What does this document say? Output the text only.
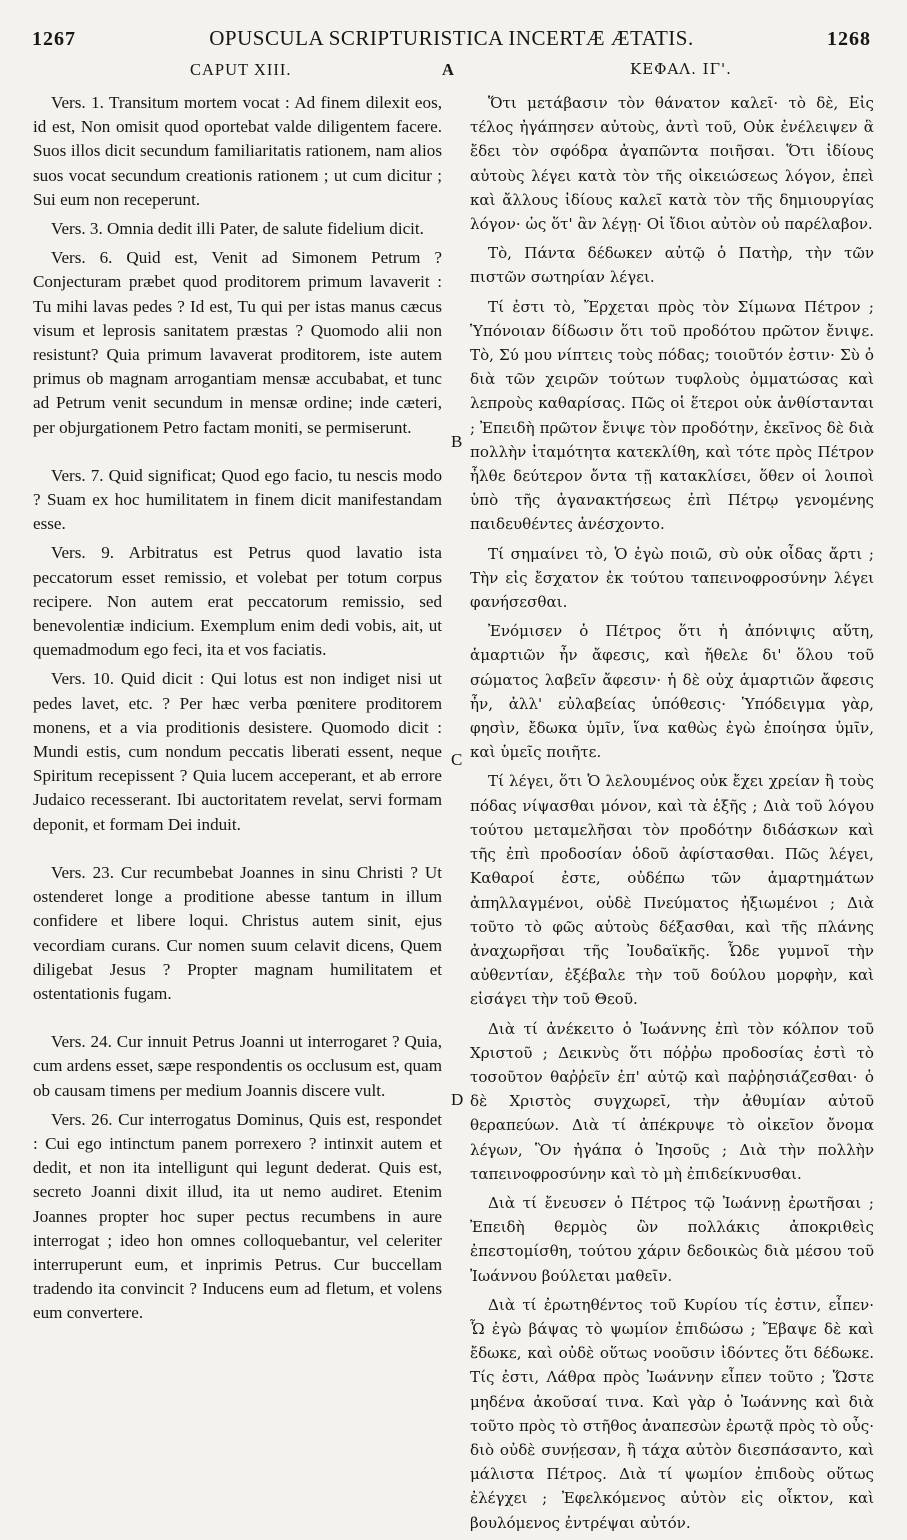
1267	OPUSCULA SCRIPTURISTICA INCERTÆ ÆTATIS.	1268
CAPUT XIII.	A	ΚΕΦΑΛ. ΙΓ'.
B
C
D

Vers. 1. Transitum mortem vocat : Ad finem dilexit eos, id est, Non omisit quod oportebat valde diligentem facere. Suos illos dicit secundum familiaritatis rationem, nam alios suos vocat secundum creationis rationem ; ut cum dicitur ; Sui eum non receperunt.

Vers. 3. Omnia dedit illi Pater, de salute fidelium dicit.

Vers. 6. Quid est, Venit ad Simonem Petrum ? Conjecturam præbet quod proditorem primum lavaverit : Tu mihi lavas pedes ? Id est, Tu qui per istas manus cæcus visum et leprosis sanitatem præstas ? Quomodo alii non resistunt? Quia primum lavaverat proditorem, iste autem primus ob magnam arrogantiam mensæ accubabat, et tunc ad Petrum venit secundum in mensæ ordine; inde cæteri, per objurgationem Petro factam moniti, se permiserunt.

Vers. 7. Quid significat; Quod ego facio, tu nescis modo ? Suam ex hoc humilitatem in finem dicit manifestandam esse.

Vers. 9. Arbitratus est Petrus quod lavatio ista peccatorum esset remissio, et volebat per totum corpus recipere. Non autem erat peccatorum remissio, sed benevolentiæ indicium. Exemplum enim dedi vobis, ait, ut quemadmodum ego feci, ita et vos faciatis.

Vers. 10. Quid dicit : Qui lotus est non indiget nisi ut pedes lavet, etc. ? Per hæc verba pœnitere proditorem monens, et a via proditionis desistere. Quomodo dicit : Mundi estis, cum nondum peccatis liberati essent, neque Spiritum recepissent ? Quia lucem acceperant, et ab errore Judaico recesserant. Ibi auctoritatem revelat, servi formam deponit, et formam Dei induit.

Vers. 23. Cur recumbebat Joannes in sinu Christi ? Ut ostenderet longe a proditione abesse tantum in illum confidere et libere loqui. Christus autem sinit, ejus vecordiam curans. Cur nomen suum celavit dicens, Quem diligebat Jesus ? Propter magnam humilitatem et ostentationis fugam.

Vers. 24. Cur innuit Petrus Joanni ut interrogaret ? Quia, cum ardens esset, sæpe respondentis os occlusum est, quam ob causam timens per medium Joannis discere vult.

Vers. 26. Cur interrogatus Dominus, Quis est, respondet : Cui ego intinctum panem porrexero ? intinxit autem et dedit, et non ita intelligunt qui legunt dederat. Quis est, secreto Joanni dixit illud, ita ut nemo audiret. Etenim Joannes propter hoc super pectus recumbens in aure interrogat ; ideo hon omnes colloquebantur, vel celeriter interruperunt eum, et inprimis Petrus. Cur buccellam tradendo ita convincit ? Inducens eum ad fletum, et volens eum convertere.

Ὅτι μετάβασιν τὸν θάνατον καλεῖ· τὸ δὲ, Εἰς τέλος ἠγάπησεν αὐτοὺς, ἀντὶ τοῦ, Οὐκ ἐνέλειψεν ἃ ἔδει τὸν σφόδρα ἀγαπῶντα ποιῆσαι. Ὅτι ἰδίους αὐτοὺς λέγει κατὰ τὸν τῆς οἰκειώσεως λόγον, ἐπεὶ καὶ ἄλλους ἰδίους καλεῖ κατὰ τὸν τῆς δημιουργίας λόγον· ὡς ὅτ' ἂν λέγῃ· Οἱ ἴδιοι αὐτὸν οὐ παρέλαβον.

Τὸ, Πάντα δέδωκεν αὐτῷ ὁ Πατὴρ, τὴν τῶν πιστῶν σωτηρίαν λέγει.

Τί ἐστι τὸ, Ἔρχεται πρὸς τὸν Σίμωνα Πέτρον ; Ὑπόνοιαν δίδωσιν ὅτι τοῦ προδότου πρῶτον ἔνιψε. Τὸ, Σύ μου νίπτεις τοὺς πόδας; τοιοῦτόν ἐστιν· Σὺ ὁ διὰ τῶν χειρῶν τούτων τυφλοὺς ὀμματώσας καὶ λεπροὺς καθαρίσας. Πῶς οἱ ἕτεροι οὐκ ἀνθίστανται ; Ἐπειδὴ πρῶτον ἔνιψε τὸν προδότην, ἐκεῖνος δὲ διὰ πολλὴν ἰταμότητα κατεκλίθη, καὶ τότε πρὸς Πέτρον ἦλθε δεύτερον ὄντα τῇ κατακλίσει, ὅθεν οἱ λοιποὶ ὑπὸ τῆς ἀγανακτήσεως ἐπὶ Πέτρῳ γενομένης παιδευθέντες ἀνέσχοντο.

Τί σημαίνει τὸ, Ὁ ἐγὼ ποιῶ, σὺ οὐκ οἶδας ἄρτι ; Τὴν εἰς ἔσχατον ἐκ τούτου ταπεινοφροσύνην λέγει φανήσεσθαι.

Ἐνόμισεν ὁ Πέτρος ὅτι ἡ ἀπόνιψις αὕτη, ἁμαρτιῶν ἦν ἄφεσις, καὶ ἤθελε δι' ὅλου τοῦ σώματος λαβεῖν ἄφεσιν· ἡ δὲ οὐχ ἁμαρτιῶν ἄφεσις ἦν, ἀλλ' εὐλαβείας ὑπόθεσις· Ὑπόδειγμα γὰρ, φησὶν, ἔδωκα ὑμῖν, ἵνα καθὼς ἐγὼ ἐποίησα ὑμῖν, καὶ ὑμεῖς ποιῆτε.

Τί λέγει, ὅτι Ὁ λελουμένος οὐκ ἔχει χρείαν ἢ τοὺς πόδας νίψασθαι μόνον, καὶ τὰ ἑξῆς ; Διὰ τοῦ λόγου τούτου μεταμελῆσαι τὸν προδότην διδάσκων καὶ τῆς ἐπὶ προδοσίαν ὁδοῦ ἀφίστασθαι. Πῶς λέγει, Καθαροί ἐστε, οὐδέπω τῶν ἁμαρτημάτων ἀπηλλαγμένοι, οὐδὲ Πνεύματος ἠξιωμένοι ; Διὰ τοῦτο τὸ φῶς αὐτοὺς δέξασθαι, καὶ τῆς πλάνης ἀναχωρῆσαι τῆς Ἰουδαϊκῆς. Ὧδε γυμνοῖ τὴν αὐθεντίαν, ἐξέβαλε τὴν τοῦ δούλου μορφὴν, καὶ εἰσάγει τὴν τοῦ Θεοῦ.

Διὰ τί ἀνέκειτο ὁ Ἰωάννης ἐπὶ τὸν κόλπον τοῦ Χριστοῦ ; Δεικνὺς ὅτι πόῤῥω προδοσίας ἐστὶ τὸ τοσοῦτον θαῤῥεῖν ἐπ' αὐτῷ καὶ παῤῥησιάζεσθαι· ὁ δὲ Χριστὸς συγχωρεῖ, τὴν ἀθυμίαν αὐτοῦ θεραπεύων. Διὰ τί ἀπέκρυψε τὸ οἰκεῖον ὄνομα λέγων, Ὃν ἠγάπα ὁ Ἰησοῦς ; Διὰ τὴν πολλὴν ταπεινοφροσύνην καὶ τὸ μὴ ἐπιδείκνυσθαι.

Διὰ τί ἔνευσεν ὁ Πέτρος τῷ Ἰωάννῃ ἐρωτῆσαι ; Ἐπειδὴ θερμὸς ὢν πολλάκις ἀποκριθεὶς ἐπεστομίσθη, τούτου χάριν δεδοικὼς διὰ μέσου τοῦ Ἰωάννου βούλεται μαθεῖν.

Διὰ τί ἐρωτηθέντος τοῦ Κυρίου τίς ἐστιν, εἶπεν· Ὧ ἐγὼ βάψας τὸ ψωμίον ἐπιδώσω ; Ἔβαψε δὲ καὶ ἔδωκε, καὶ οὐδὲ οὕτως νοοῦσιν ἰδόντες ὅτι δέδωκε. Τίς ἐστι, Λάθρα πρὸς Ἰωάννην εἶπεν τοῦτο ; Ὥστε μηδένα ἀκοῦσαί τινα. Καὶ γὰρ ὁ Ἰωάννης καὶ διὰ τοῦτο πρὸς τὸ στῆθος ἀναπεσὼν ἐρωτᾷ πρὸς τὸ οὖς· διὸ οὐδὲ συνῄεσαν, ἢ τάχα αὐτὸν διεσπάσαντο, καὶ μάλιστα Πέτρος. Διὰ τί ψωμίον ἐπιδοὺς οὕτως ἐλέγχει ; Ἐφελκόμενος αὐτὸν εἰς οἶκτον, καὶ βουλόμενος ἐντρέψαι αὐτόν.
